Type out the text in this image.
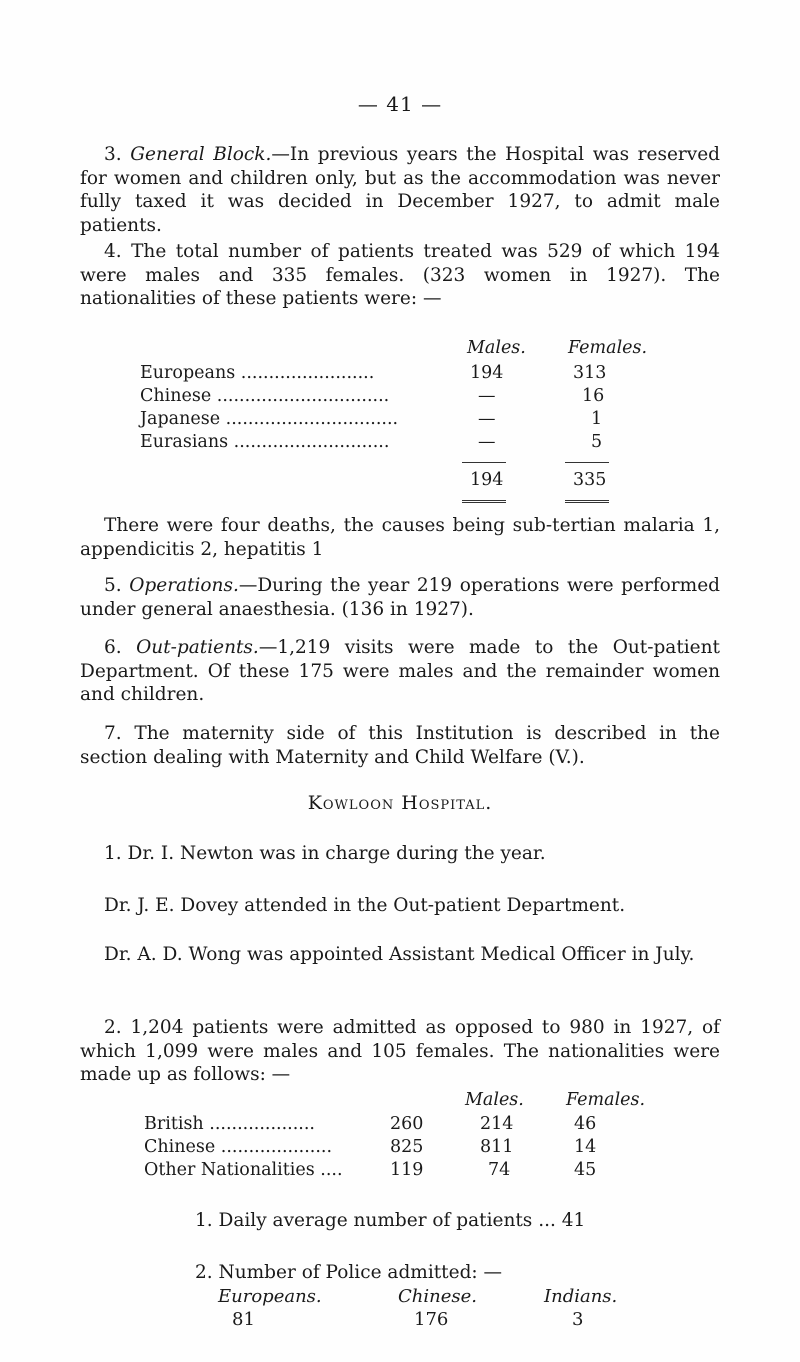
— 41 —

3. General Block.—In previous years the Hospital was reserved for women and children only, but as the accommodation was never fully taxed it was decided in December 1927, to admit male patients.

4. The total number of patients treated was 529 of which 194 were males and 335 females. (323 women in 1927). The nationalities of these patients were: —

Males. Females.
Europeans ........................	194	313
Chinese ...............................	—	16
Japanese ...............................	—	1
Eurasians ............................	—	5
194	335

There were four deaths, the causes being sub-tertian malaria 1, appendicitis 2, hepatitis 1

5. Operations.—During the year 219 operations were performed under general anaesthesia. (136 in 1927).

6. Out-patients.—1,219 visits were made to the Out-patient Department. Of these 175 were males and the remainder women and children.

7. The maternity side of this Institution is described in the section dealing with Maternity and Child Welfare (V.).

Kowloon Hospital.

1. Dr. I. Newton was in charge during the year.

Dr. J. E. Dovey attended in the Out-patient Department.

Dr. A. D. Wong was appointed Assistant Medical Officer in July.

2. 1,204 patients were admitted as opposed to 980 in 1927, of which 1,099 were males and 105 females. The nationalities were made up as follows: —

Males. Females.
British ...................	260	214	46
Chinese ....................	825	811	14
Other Nationalities ....	119	74	45
1. Daily average number of patients ... 41
2. Number of Police admitted: —
Europeans.	Chinese.	Indians.
81	176	3
